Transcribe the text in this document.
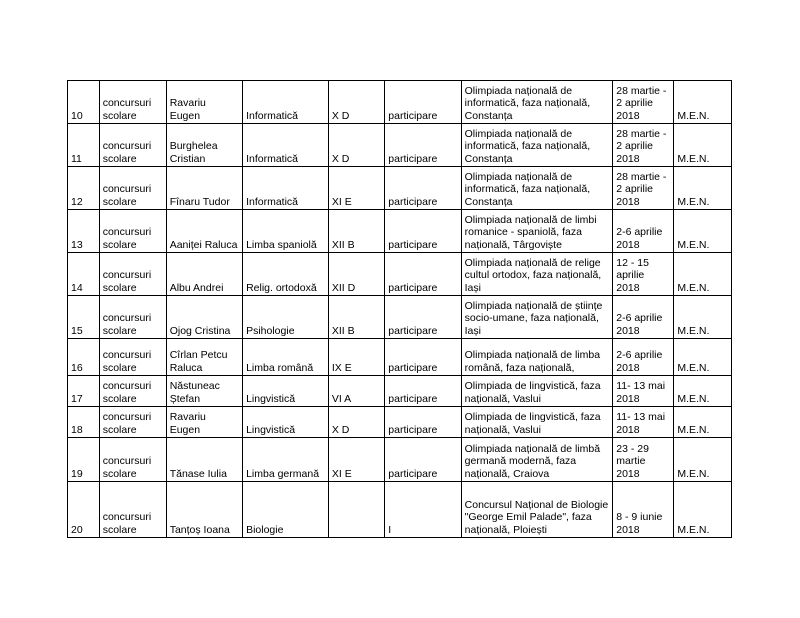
10	concursuri scolare	Ravariu Eugen	Informatică	X D	participare	Olimpiada națională de informatică, faza națională, Constanța	28 martie - 2 aprilie 2018	M.E.N.
11	concursuri scolare	Burghelea Cristian	Informatică	X D	participare	Olimpiada națională de informatică, faza națională, Constanța	28 martie - 2 aprilie 2018	M.E.N.
12	concursuri scolare	Fînaru Tudor	Informatică	XI E	participare	Olimpiada națională de informatică, faza națională, Constanța	28 martie - 2 aprilie 2018	M.E.N.
13	concursuri scolare	Aaniței Raluca	Limba spaniolă	XII B	participare	Olimpiada națională de limbi romanice - spaniolă, faza națională, Târgoviște	2-6 aprilie 2018	M.E.N.
14	concursuri scolare	Albu Andrei	Relig. ortodoxă	XII D	participare	Olimpiada națională de relige cultul ortodox, faza națională, Iași	12 - 15 aprilie 2018	M.E.N.
15	concursuri scolare	Ojog Cristina	Psihologie	XII B	participare	Olimpiada națională de științe socio-umane, faza națională, Iași	2-6 aprilie 2018	M.E.N.
16	concursuri scolare	Cîrlan Petcu Raluca	Limba română	IX E	participare	Olimpiada națională de limba română, faza națională,	2-6 aprilie 2018	M.E.N.
17	concursuri scolare	Năstuneac Ștefan	Lingvistică	VI A	participare	Olimpiada de lingvistică, faza națională, Vaslui	11- 13 mai 2018	M.E.N.
18	concursuri scolare	Ravariu Eugen	Lingvistică	X D	participare	Olimpiada de lingvistică, faza națională, Vaslui	11- 13 mai 2018	M.E.N.
19	concursuri scolare	Tănase Iulia	Limba germană	XI E	participare	Olimpiada națională de limbă germană modernă, faza națională, Craiova	23 - 29 martie 2018	M.E.N.
20	concursuri scolare	Tanțoș Ioana	Biologie		I	Concursul Național de Biologie "George Emil Palade", faza națională, Ploiești	8 - 9 iunie 2018	M.E.N.
